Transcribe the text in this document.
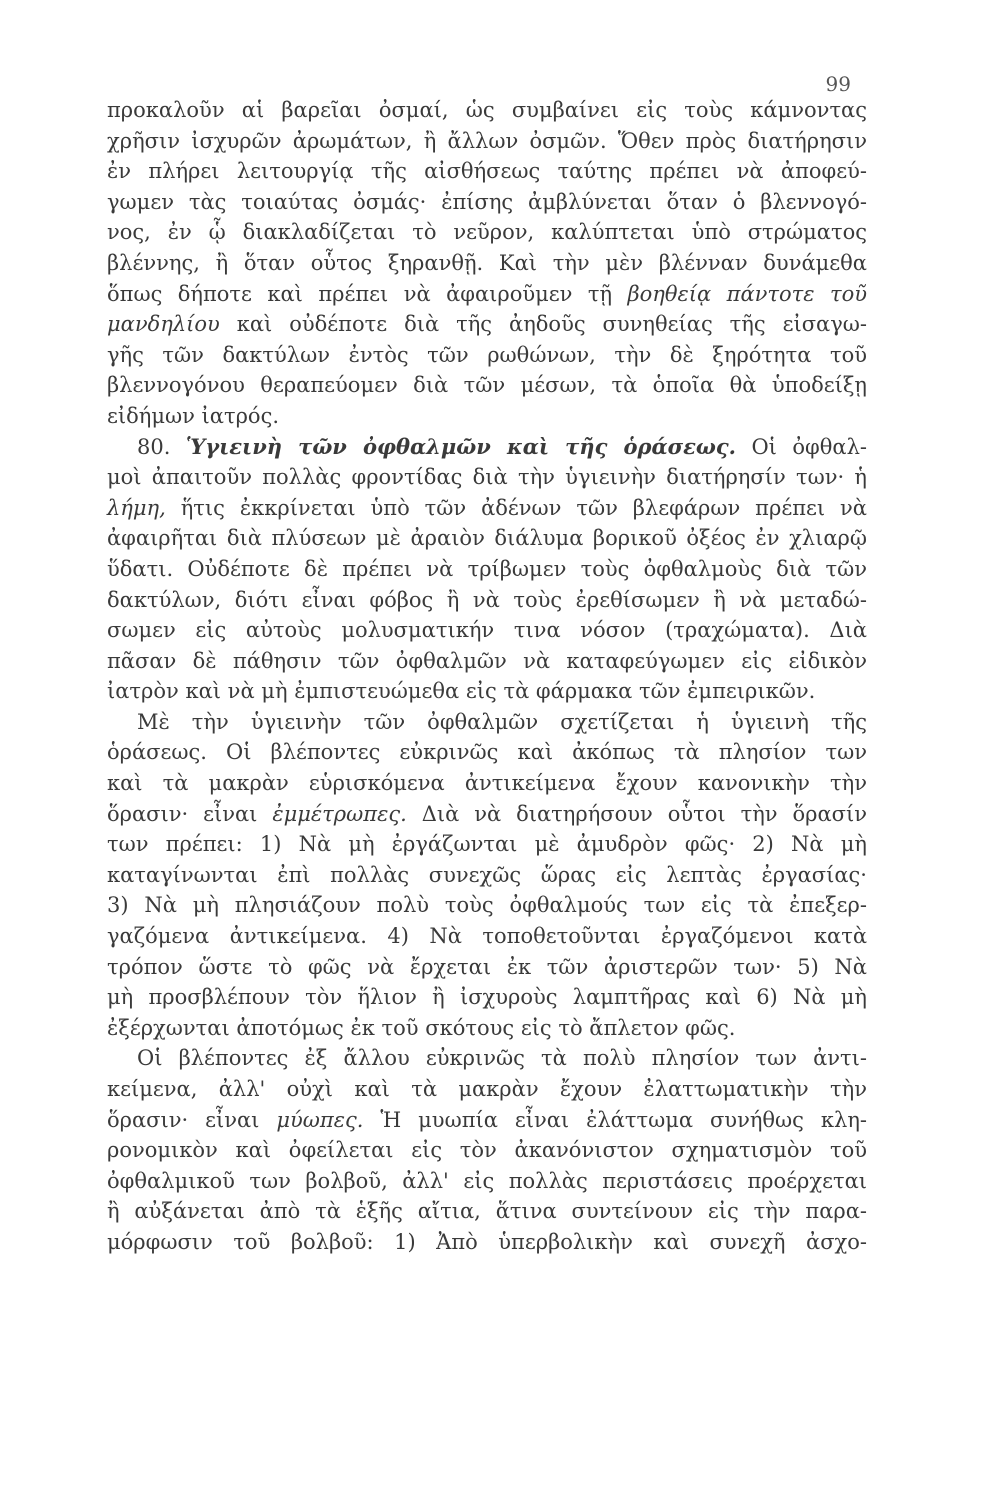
99
προκαλοῦν αἱ βαρεῖαι ὀσμαί, ὡς συμβαίνει εἰς τοὺς κάμνοντας
χρῆσιν ἰσχυρῶν ἀρωμάτων, ἢ ἄλλων ὀσμῶν. Ὅθεν πρὸς διατήρησιν
ἐν πλήρει λειτουργίᾳ τῆς αἰσθήσεως ταύτης πρέπει νὰ ἀποφεύ-
γωμεν τὰς τοιαύτας ὀσμάς· ἐπίσης ἀμβλύνεται ὅταν ὁ βλεννογό-
νος, ἐν ᾧ διακλαδίζεται τὸ νεῦρον, καλύπτεται ὑπὸ στρώματος
βλέννης, ἢ ὅταν οὗτος ξηρανθῇ. Καὶ τὴν μὲν βλένναν δυνάμεθα
ὅπως δήποτε καὶ πρέπει νὰ ἀφαιροῦμεν τῇ βοηθείᾳ πάντοτε τοῦ
μανδηλίου καὶ οὐδέποτε διὰ τῆς ἀηδοῦς συνηθείας τῆς εἰσαγω-
γῆς τῶν δακτύλων ἐντὸς τῶν ρωθώνων, τὴν δὲ ξηρότητα τοῦ
βλεννογόνου θεραπεύομεν διὰ τῶν μέσων, τὰ ὁποῖα θὰ ὑποδείξῃ
εἰδήμων ἰατρός.
80. Ὑγιεινὴ τῶν ὀφθαλμῶν καὶ τῆς ὁράσεως. Οἱ ὀφθαλ-
μοὶ ἀπαιτοῦν πολλὰς φροντίδας διὰ τὴν ὑγιεινὴν διατήρησίν των· ἡ
λήμη, ἥτις ἐκκρίνεται ὑπὸ τῶν ἀδένων τῶν βλεφάρων πρέπει νὰ
ἀφαιρῆται διὰ πλύσεων μὲ ἀραιὸν διάλυμα βορικοῦ ὀξέος ἐν χλιαρῷ
ὕδατι. Οὐδέποτε δὲ πρέπει νὰ τρίβωμεν τοὺς ὀφθαλμοὺς διὰ τῶν
δακτύλων, διότι εἶναι φόβος ἢ νὰ τοὺς ἐρεθίσωμεν ἢ νὰ μεταδώ-
σωμεν εἰς αὐτοὺς μολυσματικήν τινα νόσον (τραχώματα). Διὰ
πᾶσαν δὲ πάθησιν τῶν ὀφθαλμῶν νὰ καταφεύγωμεν εἰς εἰδικὸν
ἰατρὸν καὶ νὰ μὴ ἐμπιστευώμεθα εἰς τὰ φάρμακα τῶν ἐμπειρικῶν.
Μὲ τὴν ὑγιεινὴν τῶν ὀφθαλμῶν σχετίζεται ἡ ὑγιεινὴ τῆς
ὁράσεως. Οἱ βλέποντες εὐκρινῶς καὶ ἀκόπως τὰ πλησίον των
καὶ τὰ μακρὰν εὑρισκόμενα ἀντικείμενα ἔχουν κανονικὴν τὴν
ὅρασιν· εἶναι ἐμμέτρωπες. Διὰ νὰ διατηρήσουν οὗτοι τὴν ὅρασίν
των πρέπει: 1) Νὰ μὴ ἐργάζωνται μὲ ἀμυδρὸν φῶς· 2) Νὰ μὴ
καταγίνωνται ἐπὶ πολλὰς συνεχῶς ὥρας εἰς λεπτὰς ἐργασίας·
3) Νὰ μὴ πλησιάζουν πολὺ τοὺς ὀφθαλμούς των εἰς τὰ ἐπεξερ-
γαζόμενα ἀντικείμενα. 4) Νὰ τοποθετοῦνται ἐργαζόμενοι κατὰ
τρόπον ὥστε τὸ φῶς νὰ ἔρχεται ἐκ τῶν ἀριστερῶν των· 5) Νὰ
μὴ προσβλέπουν τὸν ἥλιον ἢ ἰσχυροὺς λαμπτῆρας καὶ 6) Νὰ μὴ
ἐξέρχωνται ἀποτόμως ἐκ τοῦ σκότους εἰς τὸ ἄπλετον φῶς.
Οἱ βλέποντες ἐξ ἄλλου εὐκρινῶς τὰ πολὺ πλησίον των ἀντι-
κείμενα, ἀλλ' οὐχὶ καὶ τὰ μακρὰν ἔχουν ἐλαττωματικὴν τὴν
ὅρασιν· εἶναι μύωπες. Ἡ μυωπία εἶναι ἐλάττωμα συνήθως κλη-
ρονομικὸν καὶ ὀφείλεται εἰς τὸν ἀκανόνιστον σχηματισμὸν τοῦ
ὀφθαλμικοῦ των βολβοῦ, ἀλλ' εἰς πολλὰς περιστάσεις προέρχεται
ἢ αὐξάνεται ἀπὸ τὰ ἑξῆς αἴτια, ἅτινα συντείνουν εἰς τὴν παρα-
μόρφωσιν τοῦ βολβοῦ: 1) Ἀπὸ ὑπερβολικὴν καὶ συνεχῆ ἀσχο-
